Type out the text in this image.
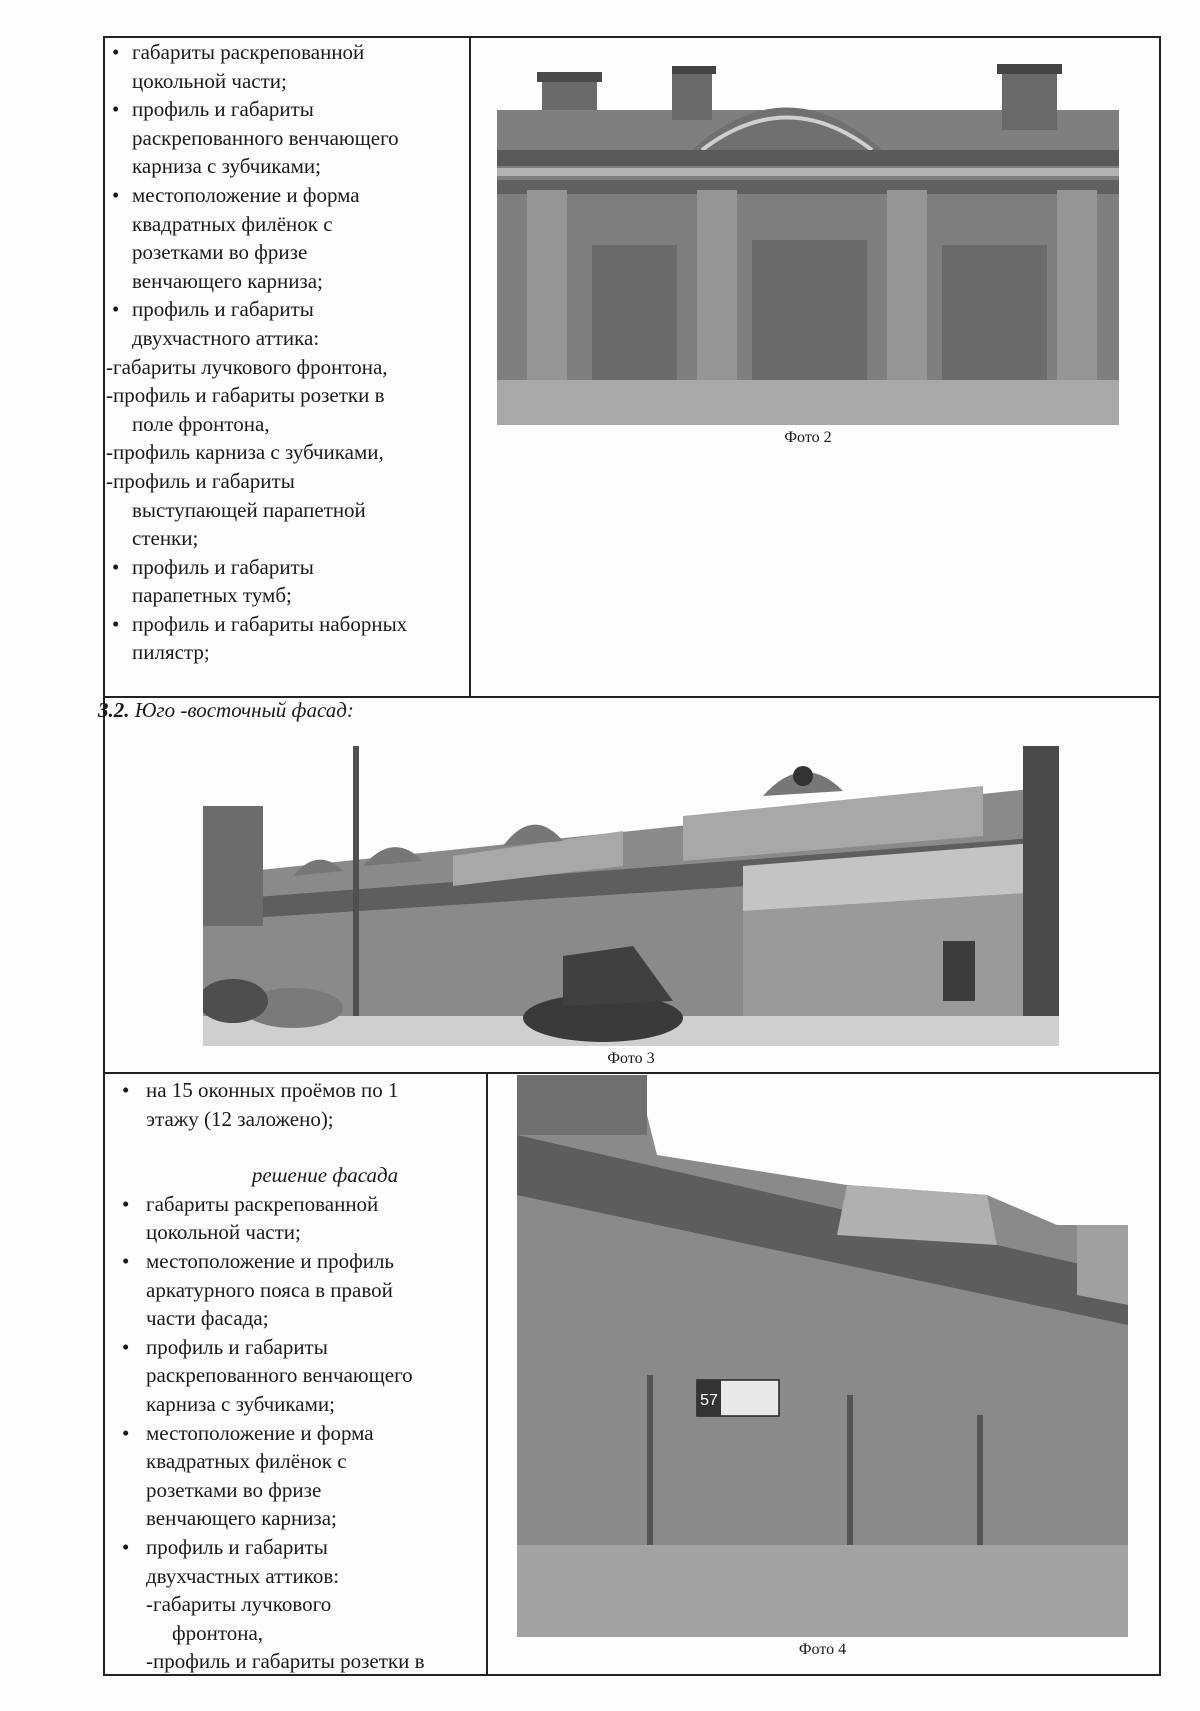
• габариты раскрепованной
цокольной части;
• профиль и габариты
раскрепованного венчающего
карниза с зубчиками;
• местоположение и форма
квадратных филёнок с
розетками во фризе
венчающего карниза;
• профиль и габариты
двухчастного аттика:
-габариты лучкового фронтона,
-профиль и габариты розетки в
поле фронтона,
-профиль карниза с зубчиками,
-профиль и габариты
выступающей парапетной
стенки;
• профиль и габариты
парапетных тумб;
• профиль и габариты наборных
пилястр;
Фото 2
3.2. Юго -восточный фасад:
Фото 3
• на 15 оконных проёмов по 1
этажу (12 заложено);
решение фасада
• габариты раскрепованной
цокольной части;
• местоположение и профиль
аркатурного пояса в правой
части фасада;
• профиль и габариты
раскрепованного венчающего
карниза с зубчиками;
• местоположение и форма
квадратных филёнок с
розетками во фризе
венчающего карниза;
• профиль и габариты
двухчастных аттиков:
-габариты лучкового
фронтона,
-профиль и габариты розетки в
57
Фото 4
